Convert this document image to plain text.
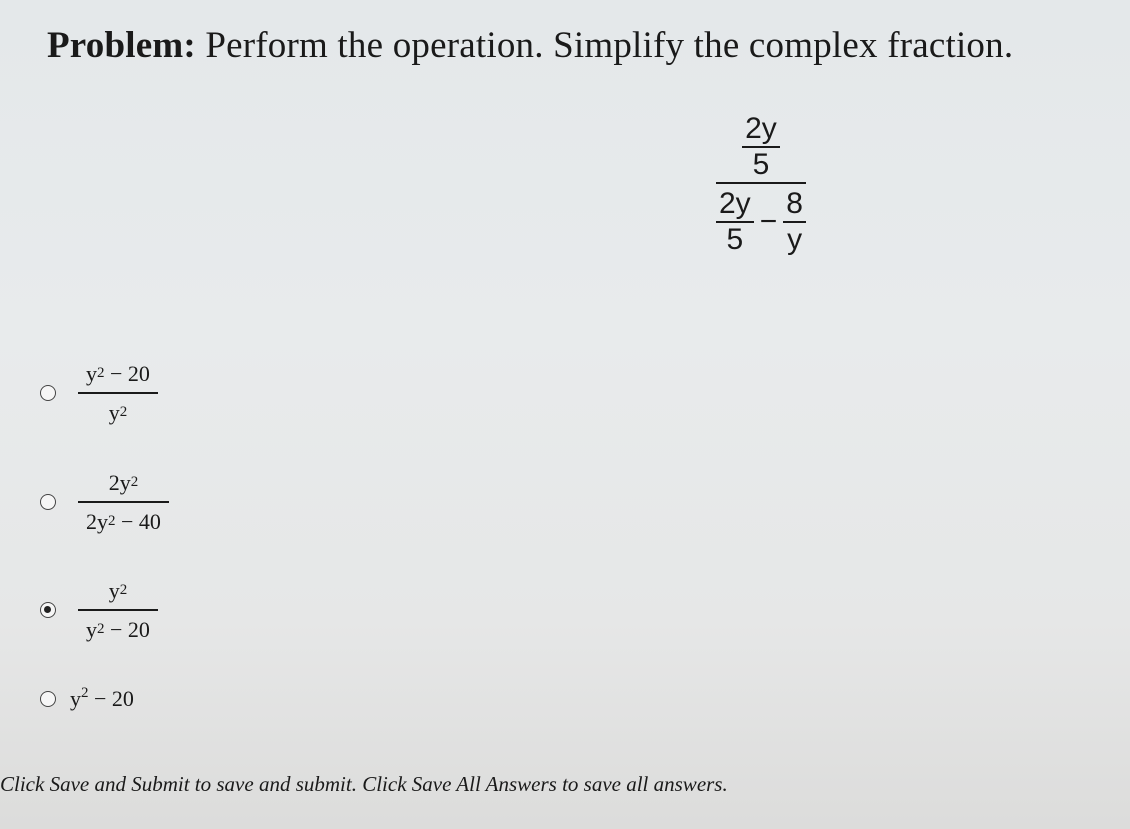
Problem: Perform the operation. Simplify the complex fraction.
$\frac{2y}{5}$
$\frac{2y}{5} - \frac{8}{y}$
$\frac{y 2 - 20}{y 2}$
$\frac{2y 2}{2y 2 - 40}$
$\frac{y 2}{y 2 - 20}$
$y^2 - 20$
Click Save and Submit to save and submit. Click Save All Answers to save all answers.
